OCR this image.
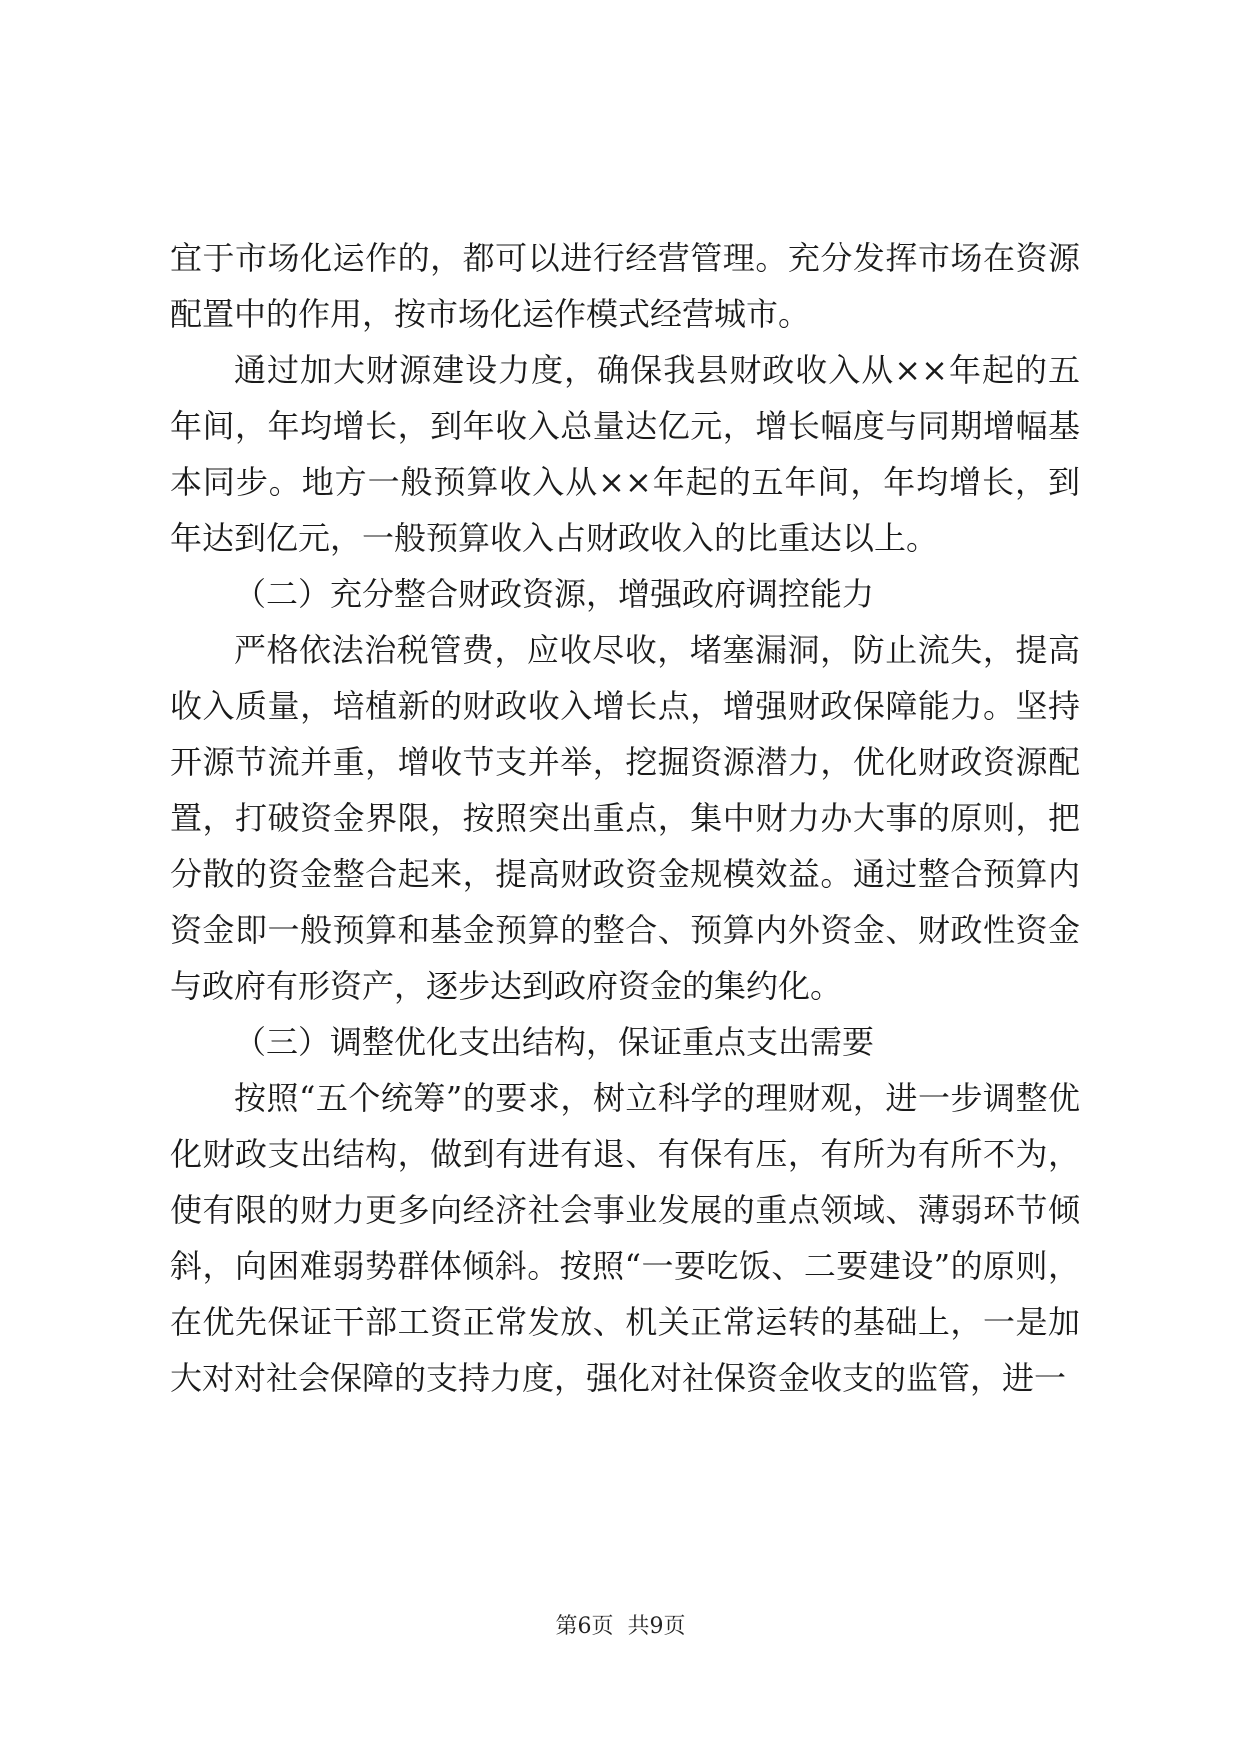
宜于市场化运作的，都可以进行经营管理。充分发挥市场在资源配置中的作用，按市场化运作模式经营城市。

通过加大财源建设力度，确保我县财政收入从××年起的五年间，年均增长，到年收入总量达亿元，增长幅度与同期增幅基本同步。地方一般预算收入从××年起的五年间，年均增长，到年达到亿元，一般预算收入占财政收入的比重达以上。

（二）充分整合财政资源，增强政府调控能力

严格依法治税管费，应收尽收，堵塞漏洞，防止流失，提高收入质量，培植新的财政收入增长点，增强财政保障能力。坚持开源节流并重，增收节支并举，挖掘资源潜力，优化财政资源配置，打破资金界限，按照突出重点，集中财力办大事的原则，把分散的资金整合起来，提高财政资金规模效益。通过整合预算内资金即一般预算和基金预算的整合、预算内外资金、财政性资金与政府有形资产，逐步达到政府资金的集约化。

（三）调整优化支出结构，保证重点支出需要

按照“五个统筹”的要求，树立科学的理财观，进一步调整优化财政支出结构，做到有进有退、有保有压，有所为有所不为，使有限的财力更多向经济社会事业发展的重点领域、薄弱环节倾斜，向困难弱势群体倾斜。按照“一要吃饭、二要建设”的原则，在优先保证干部工资正常发放、机关正常运转的基础上，一是加大对对社会保障的支持力度，强化对社保资金收支的监管，进一

第6页 共9页
